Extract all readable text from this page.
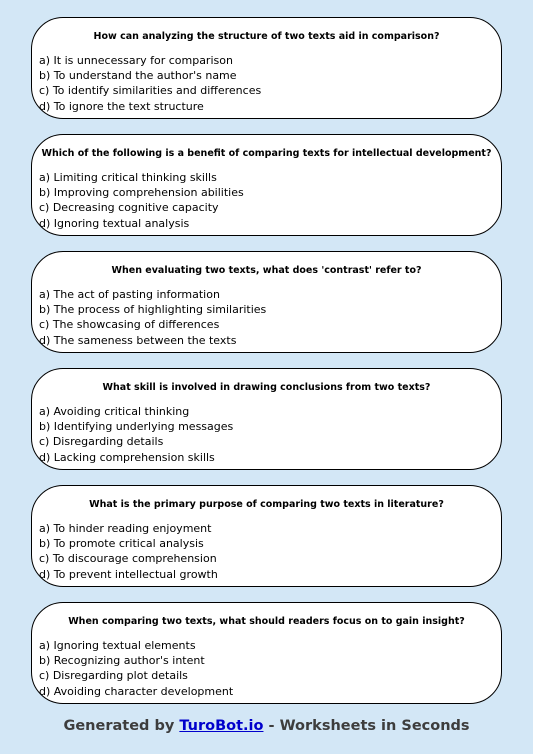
How can analyzing the structure of two texts aid in comparison?
a) It is unnecessary for comparison
b) To understand the author's name
c) To identify similarities and differences
d) To ignore the text structure
Which of the following is a benefit of comparing texts for intellectual development?
a) Limiting critical thinking skills
b) Improving comprehension abilities
c) Decreasing cognitive capacity
d) Ignoring textual analysis
When evaluating two texts, what does 'contrast' refer to?
a) The act of pasting information
b) The process of highlighting similarities
c) The showcasing of differences
d) The sameness between the texts
What skill is involved in drawing conclusions from two texts?
a) Avoiding critical thinking
b) Identifying underlying messages
c) Disregarding details
d) Lacking comprehension skills
What is the primary purpose of comparing two texts in literature?
a) To hinder reading enjoyment
b) To promote critical analysis
c) To discourage comprehension
d) To prevent intellectual growth
When comparing two texts, what should readers focus on to gain insight?
a) Ignoring textual elements
b) Recognizing author's intent
c) Disregarding plot details
d) Avoiding character development
Generated by TuroBot.io - Worksheets in Seconds
